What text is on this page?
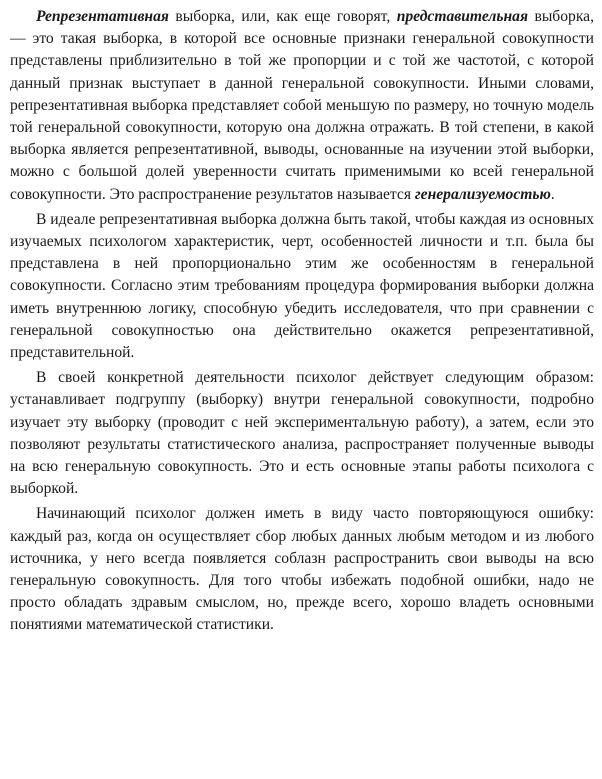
Репрезентативная выборка, или, как еще говорят, представительная выборка, — это такая выборка, в которой все основные признаки генеральной совокупности представлены приблизительно в той же пропорции и с той же частотой, с которой данный признак выступает в данной генеральной совокупности. Иными словами, репрезентативная выборка представляет собой меньшую по размеру, но точную модель той генеральной совокупности, которую она должна отражать. В той степени, в какой выборка является репрезентативной, выводы, основанные на изучении этой выборки, можно с большой долей уверенности считать применимыми ко всей генеральной совокупности. Это распространение результатов называется генерализуемостью.

В идеале репрезентативная выборка должна быть такой, чтобы каждая из основных изучаемых психологом характеристик, черт, особенностей личности и т.п. была бы представлена в ней пропорционально этим же особенностям в генеральной совокупности. Согласно этим требованиям процедура формирования выборки должна иметь внутреннюю логику, способную убедить исследователя, что при сравнении с генеральной совокупностью она действительно окажется репрезентативной, представительной.

В своей конкретной деятельности психолог действует следующим образом: устанавливает подгруппу (выборку) внутри генеральной совокупности, подробно изучает эту выборку (проводит с ней экспериментальную работу), а затем, если это позволяют результаты статистического анализа, распространяет полученные выводы на всю генеральную совокупность. Это и есть основные этапы работы психолога с выборкой.

Начинающий психолог должен иметь в виду часто повторяющуюся ошибку: каждый раз, когда он осуществляет сбор любых данных любым методом и из любого источника, у него всегда появляется соблазн распространить свои выводы на всю генеральную совокупность. Для того чтобы избежать подобной ошибки, надо не просто обладать здравым смыслом, но, прежде всего, хорошо владеть основными понятиями математической статистики.
